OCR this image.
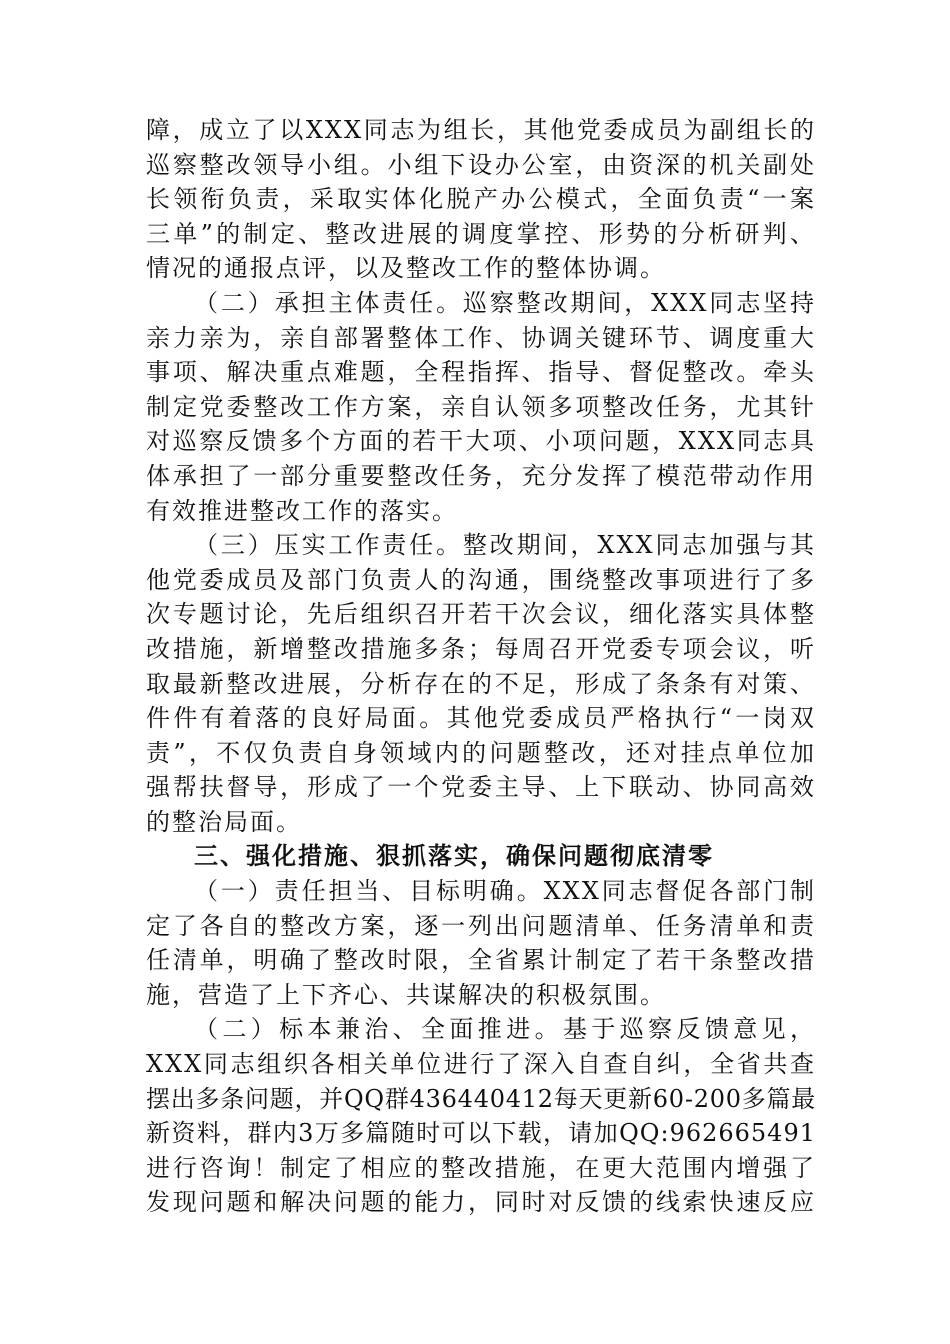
障，成立了以XXX同志为组长，其他党委成员为副组长的
巡察整改领导小组。小组下设办公室，由资深的机关副处
长领衔负责，采取实体化脱产办公模式，全面负责“一案
三单”的制定、整改进展的调度掌控、形势的分析研判、
情况的通报点评，以及整改工作的整体协调。
（二）承担主体责任。巡察整改期间，XXX同志坚持
亲力亲为，亲自部署整体工作、协调关键环节、调度重大
事项、解决重点难题，全程指挥、指导、督促整改。牵头
制定党委整改工作方案，亲自认领多项整改任务，尤其针
对巡察反馈多个方面的若干大项、小项问题，XXX同志具
体承担了一部分重要整改任务，充分发挥了模范带动作用
有效推进整改工作的落实。
（三）压实工作责任。整改期间，XXX同志加强与其
他党委成员及部门负责人的沟通，围绕整改事项进行了多
次专题讨论，先后组织召开若干次会议，细化落实具体整
改措施，新增整改措施多条；每周召开党委专项会议，听
取最新整改进展，分析存在的不足，形成了条条有对策、
件件有着落的良好局面。其他党委成员严格执行“一岗双
责”，不仅负责自身领域内的问题整改，还对挂点单位加
强帮扶督导，形成了一个党委主导、上下联动、协同高效
的整治局面。
三、强化措施、狠抓落实，确保问题彻底清零
（一）责任担当、目标明确。XXX同志督促各部门制
定了各自的整改方案，逐一列出问题清单、任务清单和责
任清单，明确了整改时限，全省累计制定了若干条整改措
施，营造了上下齐心、共谋解决的积极氛围。
（二）标本兼治、全面推进。基于巡察反馈意见，
XXX同志组织各相关单位进行了深入自查自纠，全省共查
摆出多条问题，并QQ群436440412每天更新60-200多篇最
新资料，群内3万多篇随时可以下载，请加QQ:962665491
进行咨询！制定了相应的整改措施，在更大范围内增强了
发现问题和解决问题的能力，同时对反馈的线索快速反应
